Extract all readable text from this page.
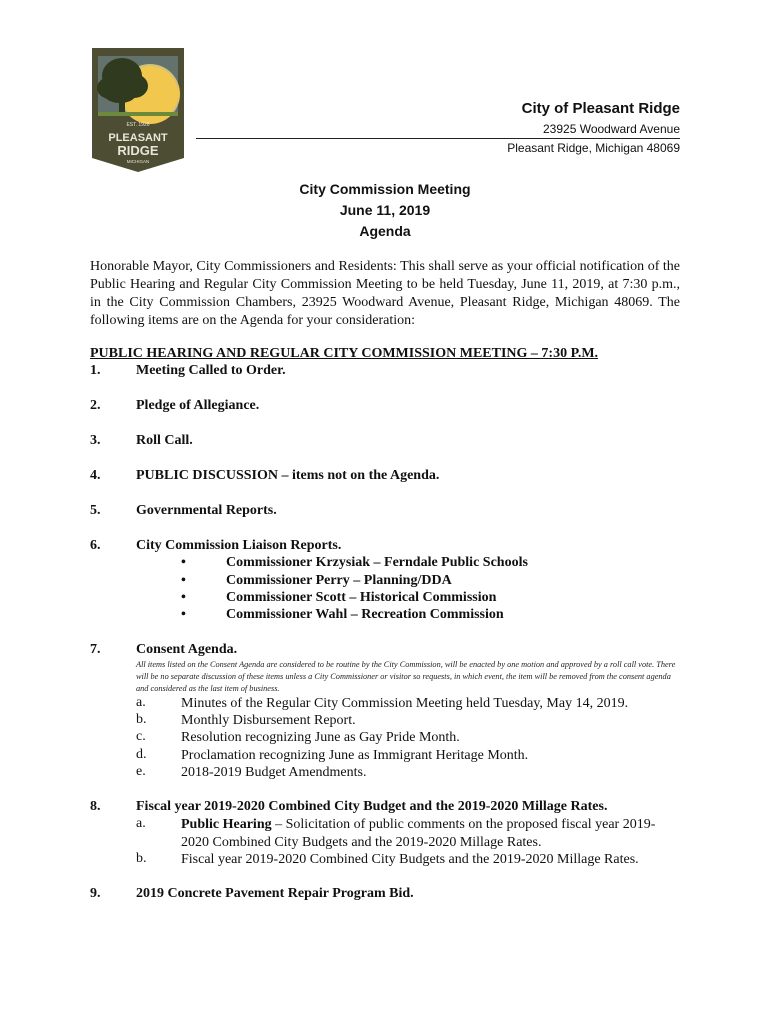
EST. 1926
PLEASANT
RIDGE
MICHIGAN
City of Pleasant Ridge
23925 Woodward Avenue
Pleasant Ridge, Michigan 48069
City Commission Meeting
June 11, 2019
Agenda
Honorable Mayor, City Commissioners and Residents: This shall serve as your official notification of the Public Hearing and Regular City Commission Meeting to be held Tuesday, June 11, 2019, at 7:30 p.m., in the City Commission Chambers, 23925 Woodward Avenue, Pleasant Ridge, Michigan 48069. The following items are on the Agenda for your consideration:
PUBLIC HEARING AND REGULAR CITY COMMISSION MEETING – 7:30 P.M.
1.	Meeting Called to Order.
2.	Pledge of Allegiance.
3.	Roll Call.
4.	PUBLIC DISCUSSION – items not on the Agenda.
5.	Governmental Reports.
6.	City Commission Liaison Reports.
•	Commissioner Krzysiak – Ferndale Public Schools
•	Commissioner Perry – Planning/DDA
•	Commissioner Scott – Historical Commission
•	Commissioner Wahl – Recreation Commission
7.	Consent Agenda.
All items listed on the Consent Agenda are considered to be routine by the City Commission, will be enacted by one motion and approved by a roll call vote. There will be no separate discussion of these items unless a City Commissioner or visitor so requests, in which event, the item will be removed from the consent agenda and considered as the last item of business.
a.	Minutes of the Regular City Commission Meeting held Tuesday, May 14, 2019.
b. Monthly Disbursement Report.
c.	Resolution recognizing June as Gay Pride Month.
d. Proclamation recognizing June as Immigrant Heritage Month.
e.	2018-2019 Budget Amendments.
8.	Fiscal year 2019-2020 Combined City Budget and the 2019-2020 Millage Rates.
a.	Public Hearing – Solicitation of public comments on the proposed fiscal year 2019-2020 Combined City Budgets and the 2019-2020 Millage Rates.
b. Fiscal year 2019-2020 Combined City Budgets and the 2019-2020 Millage Rates.
9.	2019 Concrete Pavement Repair Program Bid.
